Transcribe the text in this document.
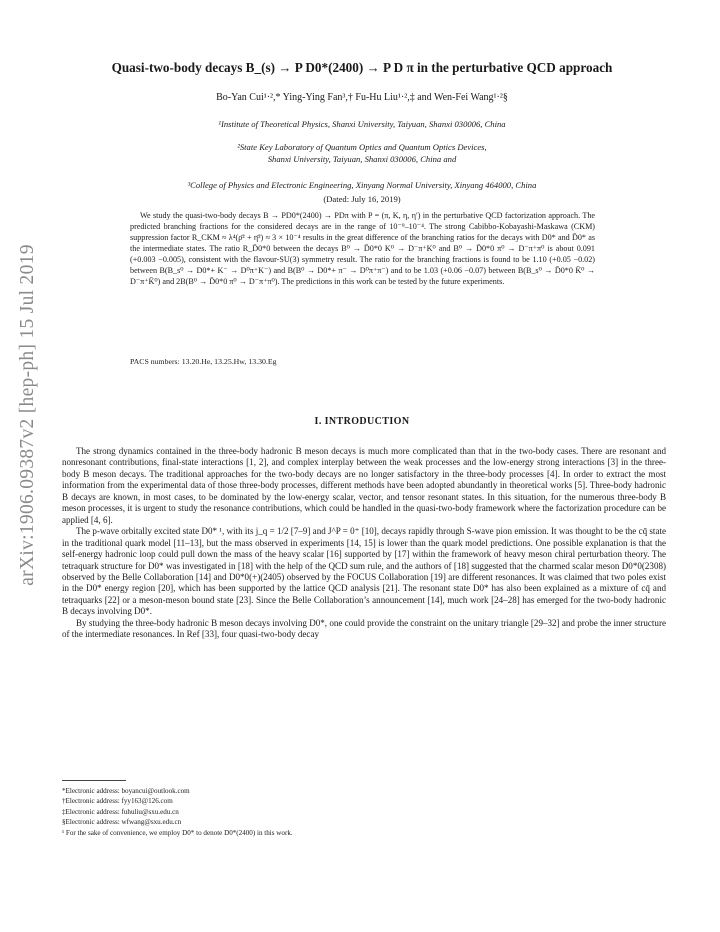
arXiv:1906.09387v2 [hep-ph] 15 Jul 2019
Quasi-two-body decays B_(s) → P D0*(2400) → P D π in the perturbative QCD approach
Bo-Yan Cui¹·²,* Ying-Ying Fan³,† Fu-Hu Liu¹·²,‡ and Wen-Fei Wang¹·²§
¹Institute of Theoretical Physics, Shanxi University, Taiyuan, Shanxi 030006, China
²State Key Laboratory of Quantum Optics and Quantum Optics Devices,
Shanxi University, Taiyuan, Shanxi 030006, China and
³College of Physics and Electronic Engineering, Xinyang Normal University, Xinyang 464000, China
(Dated: July 16, 2019)

We study the quasi-two-body decays B → PD0*(2400) → PDπ with P = (π, K, η, η′) in the perturbative QCD factorization approach. The predicted branching fractions for the considered decays are in the range of 10⁻⁹–10⁻⁴. The strong Cabibbo-Kobayashi-Maskawa (CKM) suppression factor R_CKM ≈ λ⁴(ρ̄² + η̄²) ≈ 3 × 10⁻⁴ results in the great difference of the branching ratios for the decays with D0* and D̄0* as the intermediate states. The ratio R_D̄0*0 between the decays B⁰ → D̄0*0 K⁰ → D⁻π⁺K⁰ and B⁰ → D̄0*0 π⁰ → D⁻π⁺π⁰ is about 0.091 (+0.003 −0.005), consistent with the flavour-SU(3) symmetry result. The ratio for the branching fractions is found to be 1.10 (+0.05 −0.02) between B(B_s⁰ → D0*+ K⁻ → D⁰π⁺K⁻) and B(B⁰ → D0*+ π⁻ → D⁰π⁺π⁻) and to be 1.03 (+0.06 −0.07) between B(B_s⁰ → D̄0*0 K̄⁰ → D⁻π⁺K̄⁰) and 2B(B⁰ → D̄0*0 π⁰ → D⁻π⁺π⁰). The predictions in this work can be tested by the future experiments.

PACS numbers: 13.20.He, 13.25.Hw, 13.30.Eg
I. INTRODUCTION

The strong dynamics contained in the three-body hadronic B meson decays is much more complicated than that in the two-body cases. There are resonant and nonresonant contributions, final-state interactions [1, 2], and complex interplay between the weak processes and the low-energy strong interactions [3] in the three-body B meson decays. The traditional approaches for the two-body decays are no longer satisfactory in the three-body processes [4]. In order to extract the most information from the experimental data of those three-body processes, different methods have been adopted abundantly in theoretical works [5]. Three-body hadronic B decays are known, in most cases, to be dominated by the low-energy scalar, vector, and tensor resonant states. In this situation, for the numerous three-body B meson processes, it is urgent to study the resonance contributions, which could be handled in the quasi-two-body framework where the factorization procedure can be applied [4, 6].

The p-wave orbitally excited state D0* ¹, with its j_q = 1/2 [7–9] and J^P = 0⁺ [10], decays rapidly through S-wave pion emission. It was thought to be the cq̄ state in the traditional quark model [11–13], but the mass observed in experiments [14, 15] is lower than the quark model predictions. One possible explanation is that the self-energy hadronic loop could pull down the mass of the heavy scalar [16] supported by [17] within the framework of heavy meson chiral perturbation theory. The tetraquark structure for D0* was investigated in [18] with the help of the QCD sum rule, and the authors of [18] suggested that the charmed scalar meson D0*0(2308) observed by the Belle Collaboration [14] and D0*0(+)(2405) observed by the FOCUS Collaboration [19] are different resonances. It was claimed that two poles exist in the D0* energy region [20], which has been supported by the lattice QCD analysis [21]. The resonant state D0* has also been explained as a mixture of cq̄ and tetraquarks [22] or a meson-meson bound state [23]. Since the Belle Collaboration’s announcement [14], much work [24–28] has emerged for the two-body hadronic B decays involving D0*.

By studying the three-body hadronic B meson decays involving D0*, one could provide the constraint on the unitary triangle [29–32] and probe the inner structure of the intermediate resonances. In Ref [33], four quasi-two-body decay

*Electronic address: boyancui@outlook.com
†Electronic address: fyy163@126.com
‡Electronic address: fuhuliu@sxu.edu.cn
§Electronic address: wfwang@sxu.edu.cn
¹ For the sake of convenience, we employ D0* to denote D0*(2400) in this work.
